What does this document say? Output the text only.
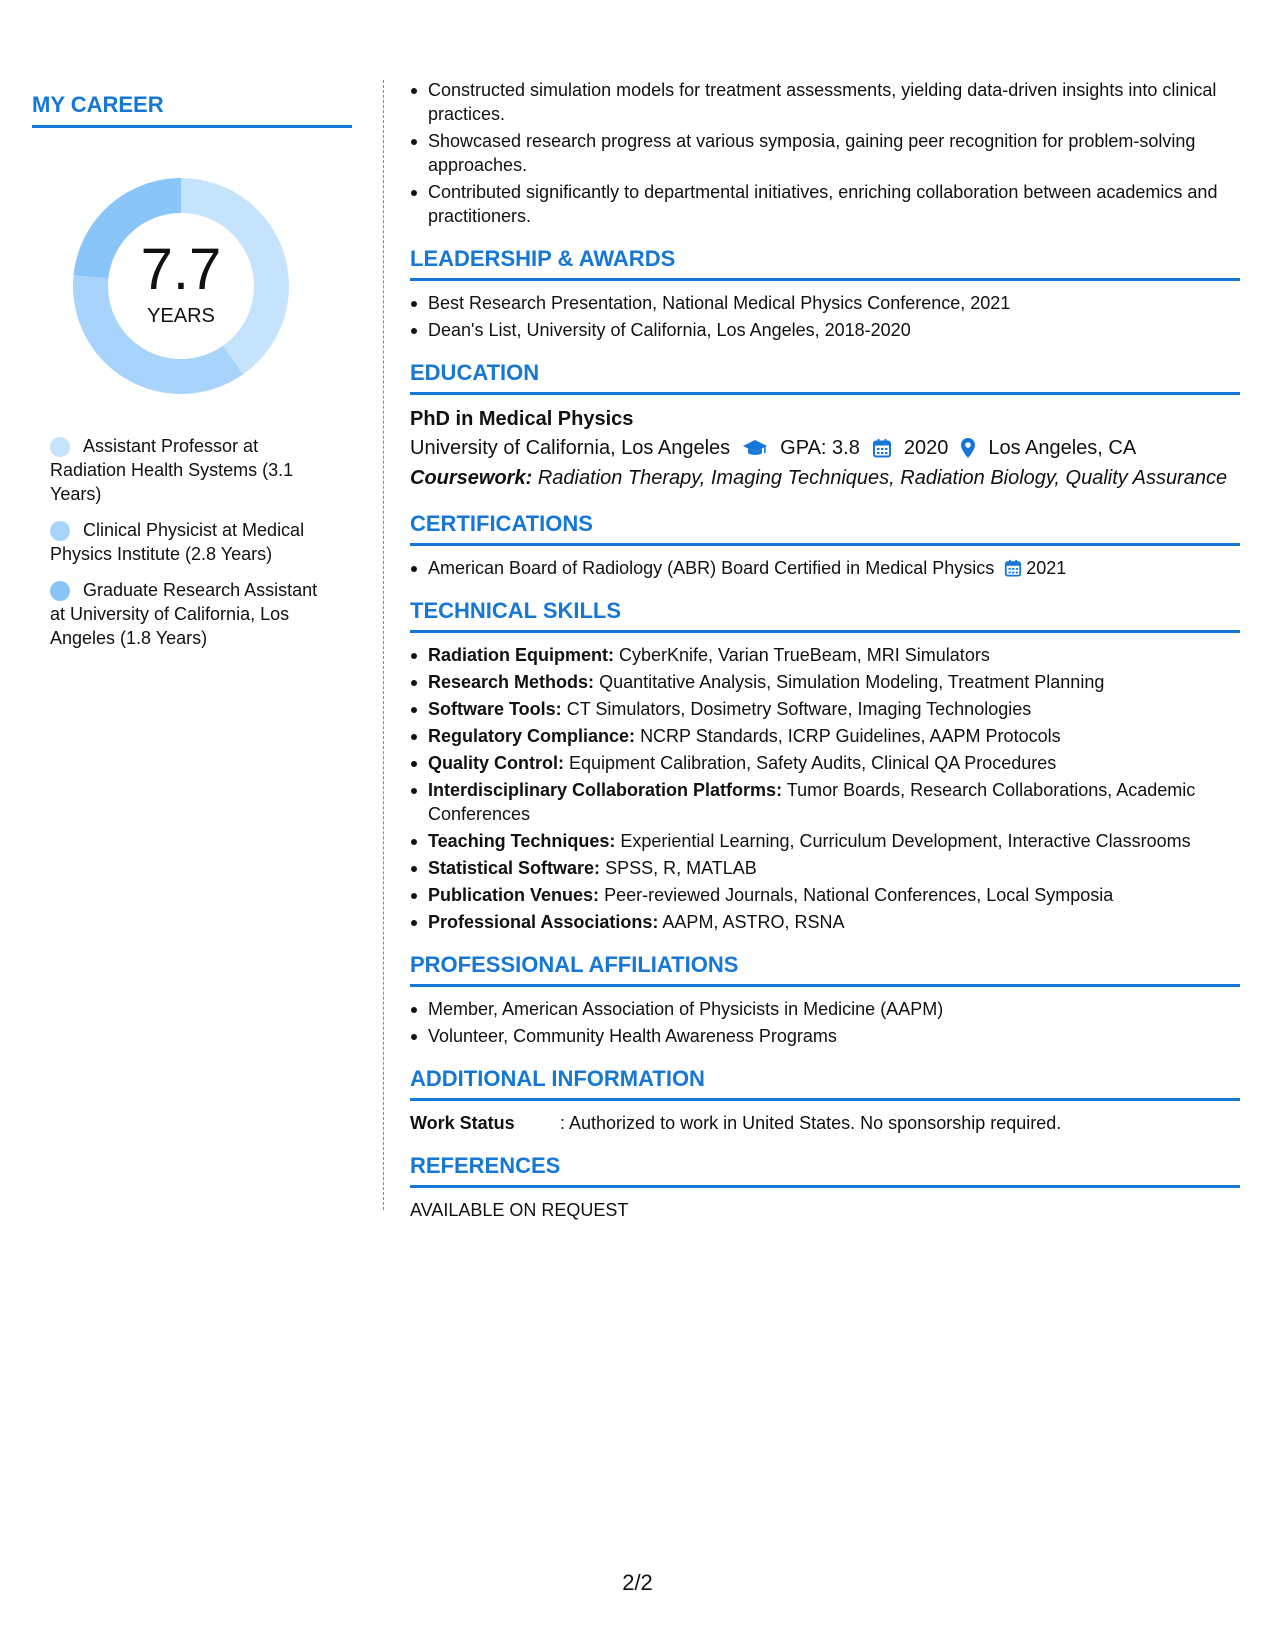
MY CAREER
7.7
YEARS
Assistant Professor at Radiation Health Systems (3.1 Years)
Clinical Physicist at Medical Physics Institute (2.8 Years)
Graduate Research Assistant at University of California, Los Angeles (1.8 Years)
Constructed simulation models for treatment assessments, yielding data-driven insights into clinical practices.
Showcased research progress at various symposia, gaining peer recognition for problem-solving approaches.
Contributed significantly to departmental initiatives, enriching collaboration between academics and practitioners.
LEADERSHIP & AWARDS
Best Research Presentation, National Medical Physics Conference, 2021
Dean's List, University of California, Los Angeles, 2018-2020
EDUCATION
PhD in Medical Physics
University of California, Los Angeles	GPA: 3.8 2020 Los Angeles, CA
Coursework: Radiation Therapy, Imaging Techniques, Radiation Biology, Quality Assurance
CERTIFICATIONS
American Board of Radiology (ABR) Board Certified in Medical Physics 2021
TECHNICAL SKILLS
Radiation Equipment: CyberKnife, Varian TrueBeam, MRI Simulators
Research Methods: Quantitative Analysis, Simulation Modeling, Treatment Planning
Software Tools: CT Simulators, Dosimetry Software, Imaging Technologies
Regulatory Compliance: NCRP Standards, ICRP Guidelines, AAPM Protocols
Quality Control: Equipment Calibration, Safety Audits, Clinical QA Procedures
Interdisciplinary Collaboration Platforms: Tumor Boards, Research Collaborations, Academic Conferences
Teaching Techniques: Experiential Learning, Curriculum Development, Interactive Classrooms
Statistical Software: SPSS, R, MATLAB
Publication Venues: Peer-reviewed Journals, National Conferences, Local Symposia
Professional Associations: AAPM, ASTRO, RSNA
PROFESSIONAL AFFILIATIONS
Member, American Association of Physicists in Medicine (AAPM)
Volunteer, Community Health Awareness Programs
ADDITIONAL INFORMATION
Work Status	: Authorized to work in United States. No sponsorship required.
REFERENCES
AVAILABLE ON REQUEST
2/2
